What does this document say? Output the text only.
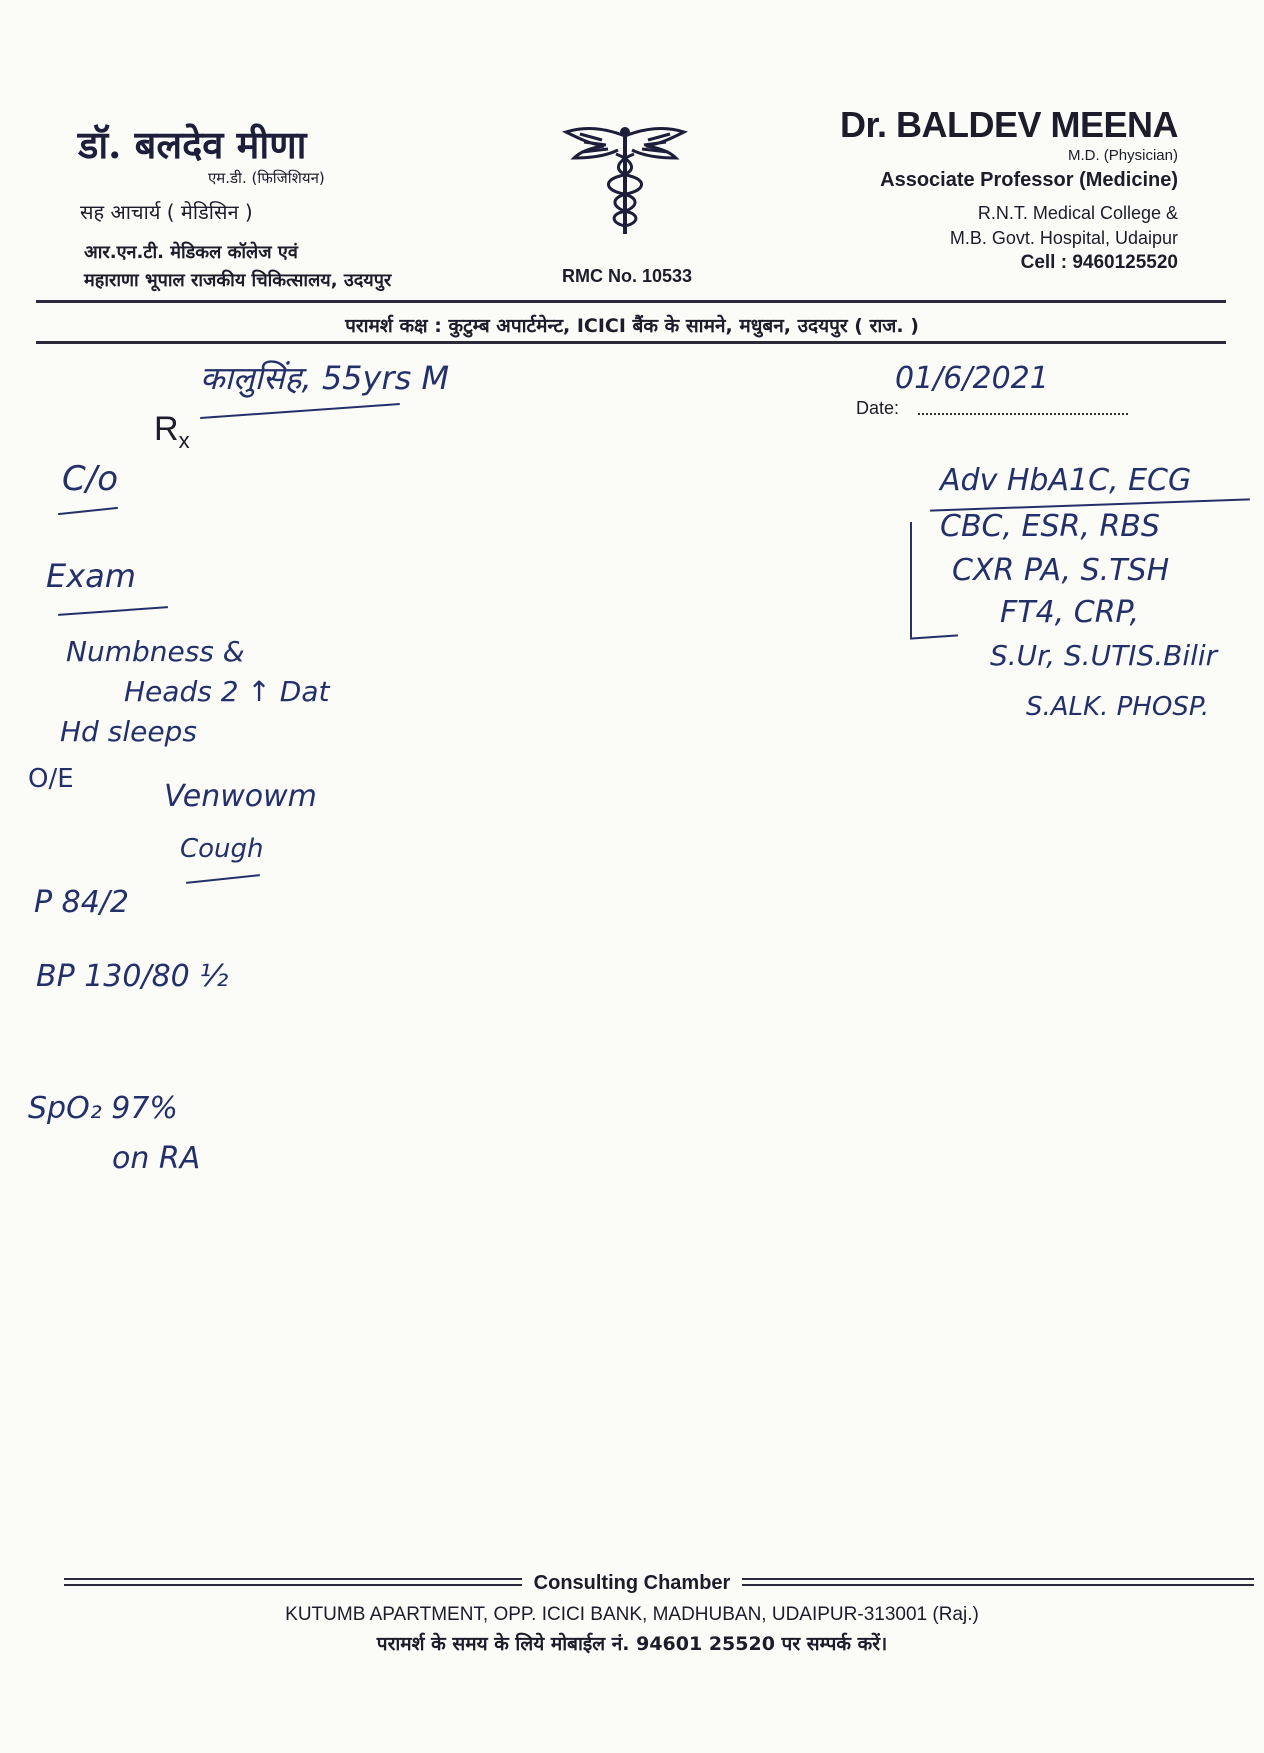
डॉ. बलदेव मीणा
एम.डी. (फिजिशियन)
सह आचार्य ( मेडिसिन )
आर.एन.टी. मेडिकल कॉलेज एवं
महाराणा भूपाल राजकीय चिकित्सालय, उदयपुर	RMC No. 10533
Dr. BALDEV MEENA
M.D. (Physician)
Associate Professor (Medicine)
R.N.T. Medical College &
M.B. Govt. Hospital, Udaipur
Cell : 9460125520
परामर्श कक्ष : कुटुम्ब अपार्टमेन्ट, ICICI बैंक के सामने, मधुबन, उदयपुर ( राज. )
$R_x$
Date:
कालुसिंह, 55yrs M	01/6/2021
C/o
Exam
Numbness &
Heads 2 ↑ Dat
Hd sleeps
O/E	Venwowm
Cough
P 84/2
BP 130/80 ½
SpO₂ 97%
on RA
Adv HbA1C, ECG
CBC, ESR, RBS
CXR PA, S.TSH
FT4, CRP,
S.Ur, S.UTIS.Bilir
S.ALK. PHOSP.
Consulting Chamber
KUTUMB APARTMENT, OPP. ICICI BANK, MADHUBAN, UDAIPUR-313001 (Raj.)
परामर्श के समय के लिये मोबाईल नं. 94601 25520 पर सम्पर्क करें।
